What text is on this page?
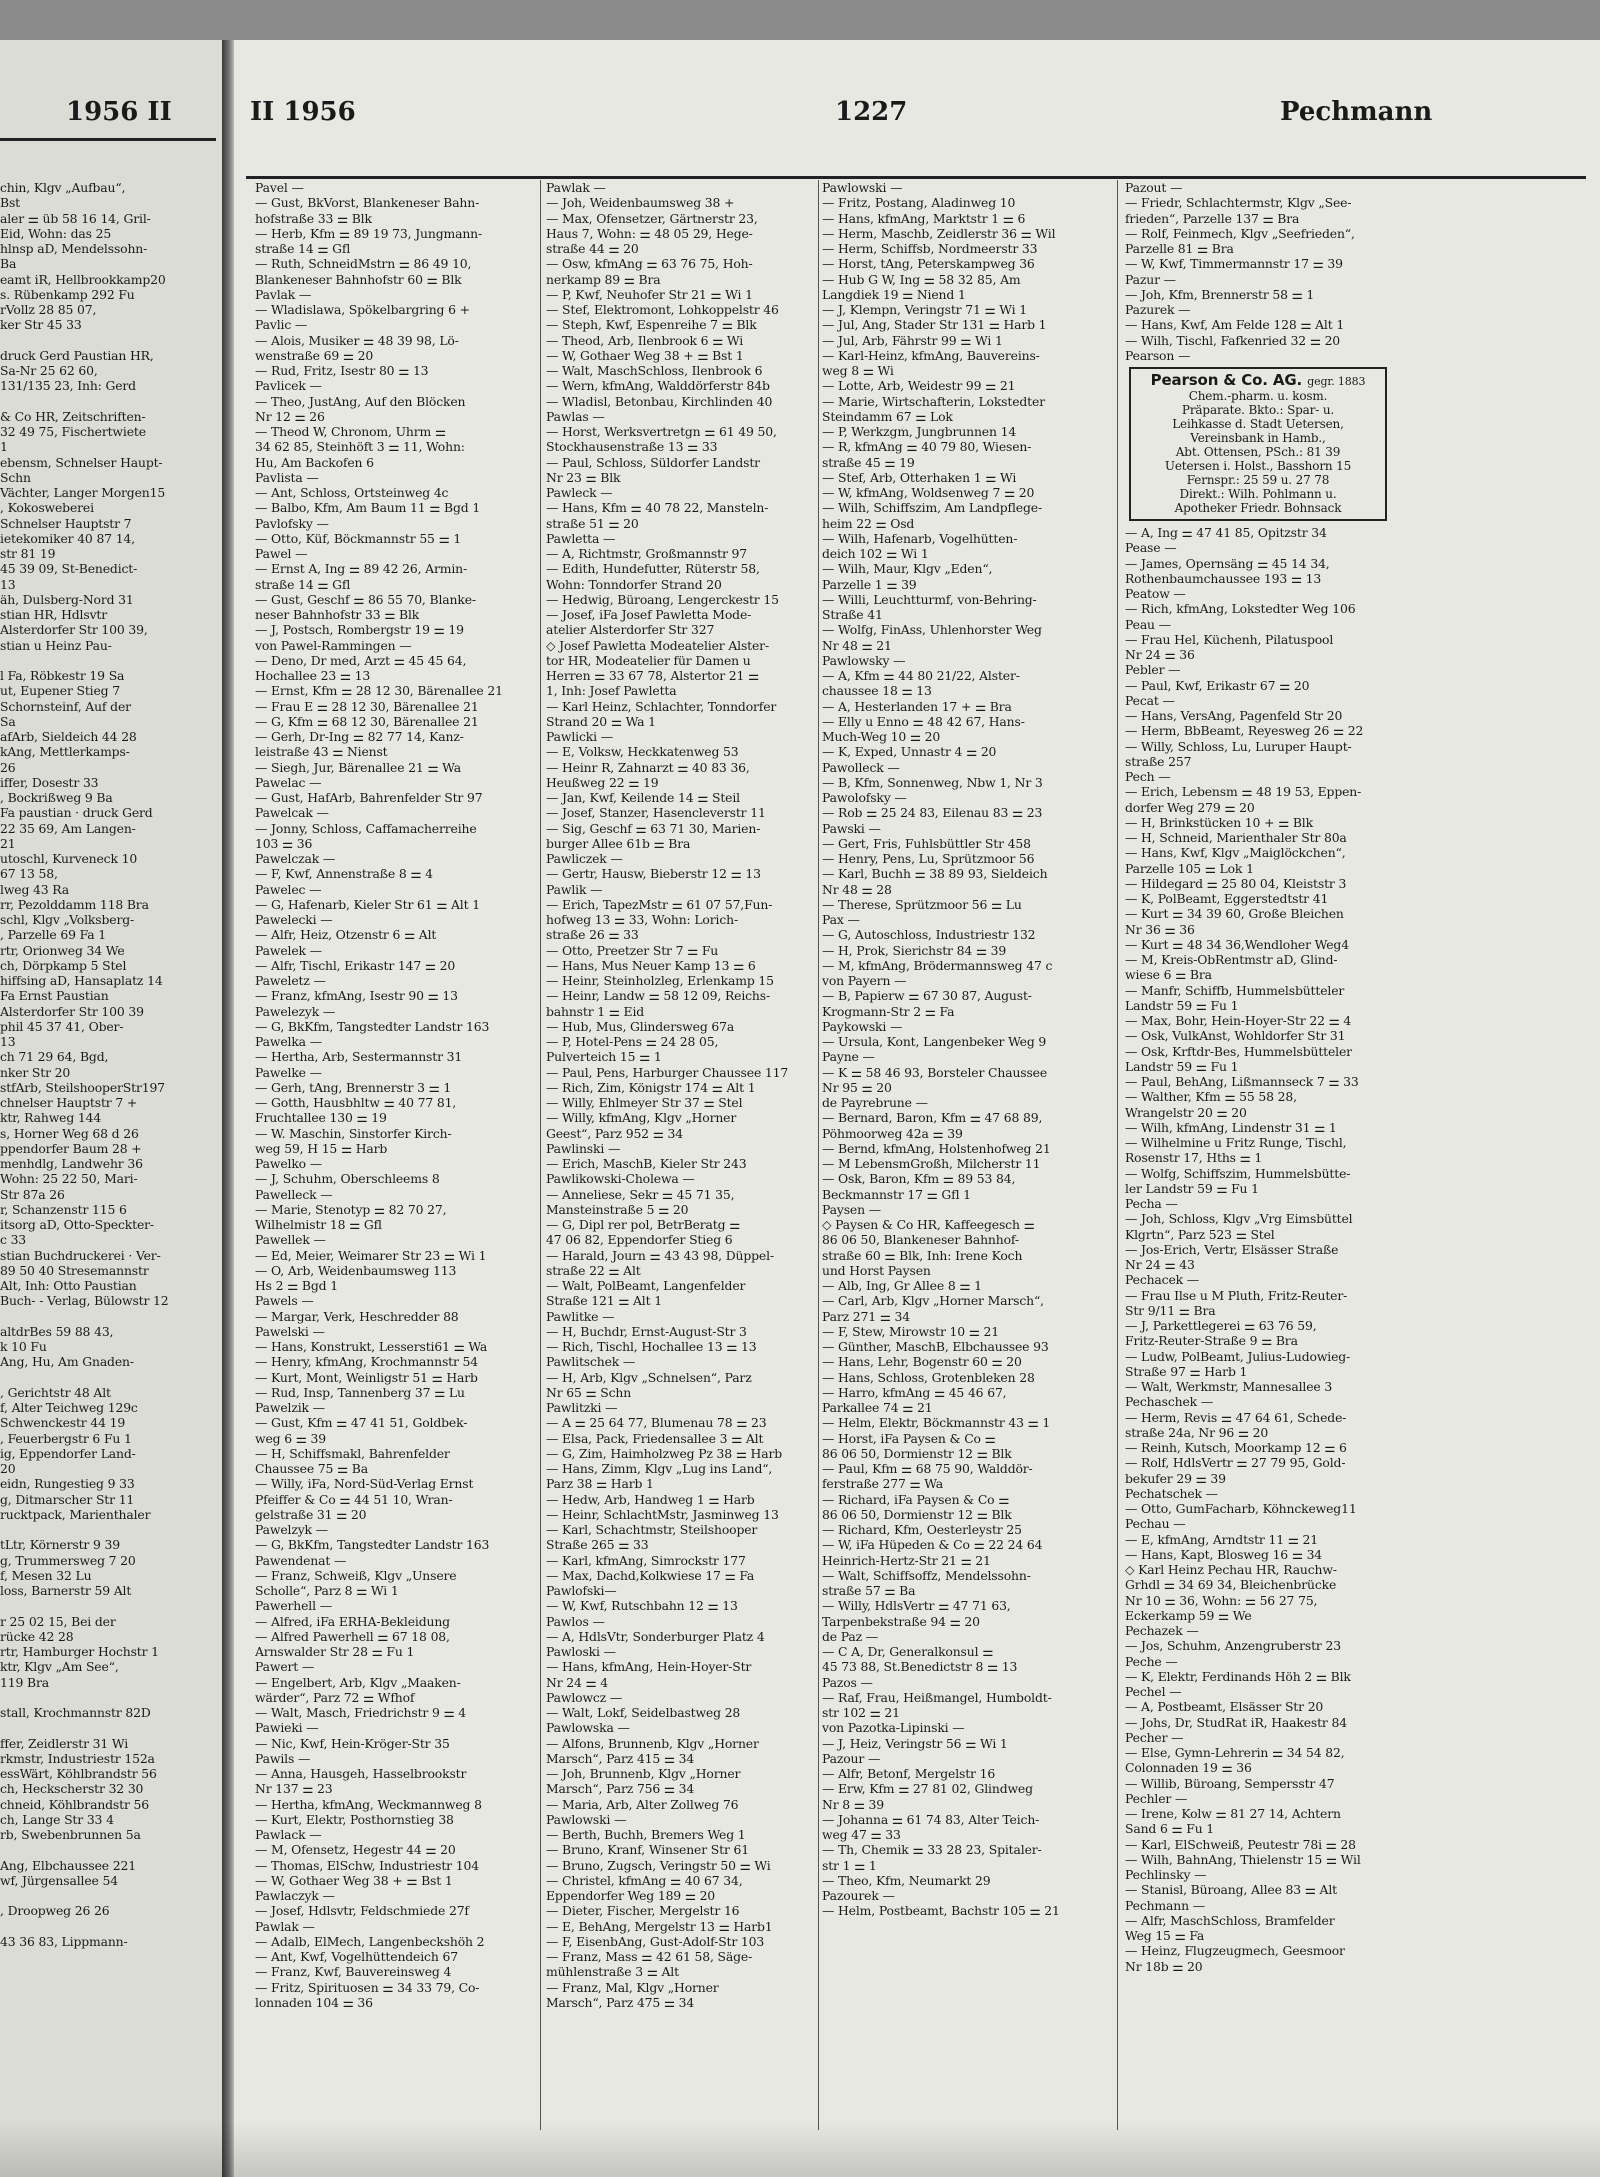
1956 II	II 1956	1227	Pechmann
chin, Klgv „Aufbau“,
Bst
aler ⚌ üb 58 16 14, Gril-
Eid, Wohn: das 25
hlnsp aD, Mendelssohn-
Ba
eamt iR, Hellbrookkamp20
s. Rübenkamp 292 Fu
rVollz 28 85 07,
ker Str 45 33

druck Gerd Paustian HR,
Sa-Nr 25 62 60,
131/135 23, Inh: Gerd

& Co HR, Zeitschriften-
32 49 75, Fischertwiete
1
ebensm, Schnelser Haupt-
Schn
Vächter, Langer Morgen15
, Kokosweberei
Schnelser Hauptstr 7
ietekomiker 40 87 14,
str 81 19
45 39 09, St-Benedict-
13
äh, Dulsberg-Nord 31
stian HR, Hdlsvtr
Alsterdorfer Str 100 39,
stian u Heinz Pau-

l Fa, Röbkestr 19 Sa
ut, Eupener Stieg 7
Schornsteinf, Auf der
Sa
afArb, Sieldeich 44 28
kAng, Mettlerkamps-
26
iffer, Dosestr 33
, Bockrißweg 9 Ba
Fa paustian · druck Gerd
22 35 69, Am Langen-
21
utoschl, Kurveneck 10
67 13 58,
lweg 43 Ra
rr, Pezolddamm 118 Bra
schl, Klgv „Volksberg-
, Parzelle 69 Fa 1
rtr, Orionweg 34 We
ch, Dörpkamp 5 Stel
hiffsing aD, Hansaplatz 14
Fa Ernst Paustian
Alsterdorfer Str 100 39
phil 45 37 41, Ober-
13
ch 71 29 64, Bgd,
nker Str 20
stfArb, SteilshooperStr197
chnelser Hauptstr 7 +
ktr, Rahweg 144
s, Horner Weg 68 d 26
ppendorfer Baum 28 +
menhdlg, Landwehr 36
Wohn: 25 22 50, Mari-
Str 87a 26
r, Schanzenstr 115 6
itsorg aD, Otto-Speckter-
c 33
stian Buchdruckerei · Ver-
89 50 40 Stresemannstr
Alt, Inh: Otto Paustian
Buch- - Verlag, Bülowstr 12

altdrBes 59 88 43,
k 10 Fu
Ang, Hu, Am Gnaden-

, Gerichtstr 48 Alt
f, Alter Teichweg 129c
Schwenckestr 44 19
, Feuerbergstr 6 Fu 1
ig, Eppendorfer Land-
20
eidn, Rungestieg 9 33
g, Ditmarscher Str 11
rucktpack, Marienthaler

tLtr, Körnerstr 9 39
g, Trummersweg 7 20
f, Mesen 32 Lu
loss, Barnerstr 59 Alt

r 25 02 15, Bei der
rücke 42 28
rtr, Hamburger Hochstr 1
ktr, Klgv „Am See“,
119 Bra

stall, Krochmannstr 82D

ffer, Zeidlerstr 31 Wi
rkmstr, Industriestr 152a
essWärt, Köhlbrandstr 56
ch, Heckscherstr 32 30
chneid, Köhlbrandstr 56
ch, Lange Str 33 4
rb, Swebenbrunnen 5a

Ang, Elbchaussee 221
wf, Jürgensallee 54

, Droopweg 26 26

43 36 83, Lippmann-
Pavel —
— Gust, BkVorst, Blankeneser Bahn-
hofstraße 33 ⚌ Blk
— Herb, Kfm ⚌ 89 19 73, Jungmann-
straße 14 ⚌ Gfl
— Ruth, SchneidMstrn ⚌ 86 49 10,
Blankeneser Bahnhofstr 60 ⚌ Blk
Pavlak —
— Wladislawa, Spökelbargring 6 +
Pavlic —
— Alois, Musiker ⚌ 48 39 98, Lö-
wenstraße 69 ⚌ 20
— Rud, Fritz, Isestr 80 ⚌ 13
Pavlicek —
— Theo, JustAng, Auf den Blöcken
Nr 12 ⚌ 26
— Theod W, Chronom, Uhrm ⚌
34 62 85, Steinhöft 3 ⚌ 11, Wohn:
Hu, Am Backofen 6
Pavlista —
— Ant, Schloss, Ortsteinweg 4c
— Balbo, Kfm, Am Baum 11 ⚌ Bgd 1
Pavlofsky —
— Otto, Küf, Böckmannstr 55 ⚌ 1
Pawel —
— Ernst A, Ing ⚌ 89 42 26, Armin-
straße 14 ⚌ Gfl
— Gust, Geschf ⚌ 86 55 70, Blanke-
neser Bahnhofstr 33 ⚌ Blk
— J, Postsch, Rombergstr 19 ⚌ 19
von Pawel-Rammingen —
— Deno, Dr med, Arzt ⚌ 45 45 64,
Hochallee 23 ⚌ 13
— Ernst, Kfm ⚌ 28 12 30, Bärenallee 21
— Frau E ⚌ 28 12 30, Bärenallee 21
— G, Kfm ⚌ 68 12 30, Bärenallee 21
— Gerh, Dr-Ing ⚌ 82 77 14, Kanz-
leistraße 43 ⚌ Nienst
— Siegh, Jur, Bärenallee 21 ⚌ Wa
Pawelac —
— Gust, HafArb, Bahrenfelder Str 97
Pawelcak —
— Jonny, Schloss, Caffamacherreihe
103 ⚌ 36
Pawelczak —
— F, Kwf, Annenstraße 8 ⚌ 4
Pawelec —
— G, Hafenarb, Kieler Str 61 ⚌ Alt 1
Pawelecki —
— Alfr, Heiz, Otzenstr 6 ⚌ Alt
Pawelek —
— Alfr, Tischl, Erikastr 147 ⚌ 20
Paweletz —
— Franz, kfmAng, Isestr 90 ⚌ 13
Pawelezyk —
— G, BkKfm, Tangstedter Landstr 163
Pawelka —
— Hertha, Arb, Sestermannstr 31
Pawelke —
— Gerh, tAng, Brennerstr 3 ⚌ 1
— Gotth, Hausbhltw ⚌ 40 77 81,
Fruchtallee 130 ⚌ 19
— W. Maschin, Sinstorfer Kirch-
weg 59, H 15 ⚌ Harb
Pawelko —
— J, Schuhm, Oberschleems 8
Pawelleck —
— Marie, Stenotyp ⚌ 82 70 27,
Wilhelmistr 18 ⚌ Gfl
Pawellek —
— Ed, Meier, Weimarer Str 23 ⚌ Wi 1
— O, Arb, Weidenbaumsweg 113
Hs 2 ⚌ Bgd 1
Pawels —
— Margar, Verk, Heschredder 88
Pawelski —
— Hans, Konstrukt, Lessersti61 ⚌ Wa
— Henry, kfmAng, Krochmannstr 54
— Kurt, Mont, Weinligstr 51 ⚌ Harb
— Rud, Insp, Tannenberg 37 ⚌ Lu
Pawelzik —
— Gust, Kfm ⚌ 47 41 51, Goldbek-
weg 6 ⚌ 39
— H, Schiffsmakl, Bahrenfelder
Chaussee 75 ⚌ Ba
— Willy, iFa, Nord-Süd-Verlag Ernst
Pfeiffer & Co ⚌ 44 51 10, Wran-
gelstraße 31 ⚌ 20
Pawelzyk —
— G, BkKfm, Tangstedter Landstr 163
Pawendenat —
— Franz, Schweiß, Klgv „Unsere
Scholle“, Parz 8 ⚌ Wi 1
Pawerhell —
— Alfred, iFa ERHA-Bekleidung
— Alfred Pawerhell ⚌ 67 18 08,
Arnswalder Str 28 ⚌ Fu 1
Pawert —
— Engelbert, Arb, Klgv „Maaken-
wärder“, Parz 72 ⚌ Wfhof
— Walt, Masch, Friedrichstr 9 ⚌ 4
Pawieki —
— Nic, Kwf, Hein-Kröger-Str 35
Pawils —
— Anna, Hausgeh, Hasselbrookstr
Nr 137 ⚌ 23
— Hertha, kfmAng, Weckmannweg 8
— Kurt, Elektr, Posthornstieg 38
Pawlack —
— M, Ofensetz, Hegestr 44 ⚌ 20
— Thomas, ElSchw, Industriestr 104
— W, Gothaer Weg 38 + ⚌ Bst 1
Pawlaczyk —
— Josef, Hdlsvtr, Feldschmiede 27f
Pawlak —
— Adalb, ElMech, Langenbeckshöh 2
— Ant, Kwf, Vogelhüttendeich 67
— Franz, Kwf, Bauvereinsweg 4
— Fritz, Spirituosen ⚌ 34 33 79, Co-
lonnaden 104 ⚌ 36
Pawlak —
— Joh, Weidenbaumsweg 38 +
— Max, Ofensetzer, Gärtnerstr 23,
Haus 7, Wohn: ⚌ 48 05 29, Hege-
straße 44 ⚌ 20
— Osw, kfmAng ⚌ 63 76 75, Hoh-
nerkamp 89 ⚌ Bra
— P, Kwf, Neuhofer Str 21 ⚌ Wi 1
— Stef, Elektromont, Lohkoppelstr 46
— Steph, Kwf, Espenreihe 7 ⚌ Blk
— Theod, Arb, Ilenbrook 6 ⚌ Wi
— W, Gothaer Weg 38 + ⚌ Bst 1
— Walt, MaschSchloss, Ilenbrook 6
— Wern, kfmAng, Walddörferstr 84b
— Wladisl, Betonbau, Kirchlinden 40
Pawlas —
— Horst, Werksvertretgn ⚌ 61 49 50,
Stockhausenstraße 13 ⚌ 33
— Paul, Schloss, Süldorfer Landstr
Nr 23 ⚌ Blk
Pawleck —
— Hans, Kfm ⚌ 40 78 22, Mansteln-
straße 51 ⚌ 20
Pawletta —
— A, Richtmstr, Großmannstr 97
— Edith, Hundefutter, Rüterstr 58,
Wohn: Tonndorfer Strand 20
— Hedwig, Büroang, Lengerckestr 15
— Josef, iFa Josef Pawletta Mode-
atelier Alsterdorfer Str 327
◇ Josef Pawletta Modeatelier Alster-
tor HR, Modeatelier für Damen u
Herren ⚌ 33 67 78, Alstertor 21 ⚌
1, Inh: Josef Pawletta
— Karl Heinz, Schlachter, Tonndorfer
Strand 20 ⚌ Wa 1
Pawlicki —
— E, Volksw, Heckkatenweg 53
— Heinr R, Zahnarzt ⚌ 40 83 36,
Heußweg 22 ⚌ 19
— Jan, Kwf, Keilende 14 ⚌ Steil
— Josef, Stanzer, Hasencleverstr 11
— Sig, Geschf ⚌ 63 71 30, Marien-
burger Allee 61b ⚌ Bra
Pawliczek —
— Gertr, Hausw, Bieberstr 12 ⚌ 13
Pawlik —
— Erich, TapezMstr ⚌ 61 07 57,Fun-
hofweg 13 ⚌ 33, Wohn: Lorich-
straße 26 ⚌ 33
— Otto, Preetzer Str 7 ⚌ Fu
— Hans, Mus Neuer Kamp 13 ⚌ 6
— Heinr, Steinholzleg, Erlenkamp 15
— Heinr, Landw ⚌ 58 12 09, Reichs-
bahnstr 1 ⚌ Eid
— Hub, Mus, Glindersweg 67a
— P, Hotel-Pens ⚌ 24 28 05,
Pulverteich 15 ⚌ 1
— Paul, Pens, Harburger Chaussee 117
— Rich, Zim, Königstr 174 ⚌ Alt 1
— Willy, Ehlmeyer Str 37 ⚌ Stel
— Willy, kfmAng, Klgv „Horner
Geest“, Parz 952 ⚌ 34
Pawlinski —
— Erich, MaschB, Kieler Str 243
Pawlikowski-Cholewa —
— Anneliese, Sekr ⚌ 45 71 35,
Mansteinstraße 5 ⚌ 20
— G, Dipl rer pol, BetrBeratg ⚌
47 06 82, Eppendorfer Stieg 6
— Harald, Journ ⚌ 43 43 98, Düppel-
straße 22 ⚌ Alt
— Walt, PolBeamt, Langenfelder
Straße 121 ⚌ Alt 1
Pawlitke —
— H, Buchdr, Ernst-August-Str 3
— Rich, Tischl, Hochallee 13 ⚌ 13
Pawlitschek —
— H, Arb, Klgv „Schnelsen“, Parz
Nr 65 ⚌ Schn
Pawlitzki —
— A ⚌ 25 64 77, Blumenau 78 ⚌ 23
— Elsa, Pack, Friedensallee 3 ⚌ Alt
— G, Zim, Haimholzweg Pz 38 ⚌ Harb
— Hans, Zimm, Klgv „Lug ins Land“,
Parz 38 ⚌ Harb 1
— Hedw, Arb, Handweg 1 ⚌ Harb
— Heinr, SchlachtMstr, Jasminweg 13
— Karl, Schachtmstr, Steilshooper
Straße 265 ⚌ 33
— Karl, kfmAng, Simrockstr 177
— Max, Dachd,Kolkwiese 17 ⚌ Fa
Pawlofski—
— W, Kwf, Rutschbahn 12 ⚌ 13
Pawlos —
— A, HdlsVtr, Sonderburger Platz 4
Pawloski —
— Hans, kfmAng, Hein-Hoyer-Str
Nr 24 ⚌ 4
Pawlowcz —
— Walt, Lokf, Seidelbastweg 28
Pawlowska —
— Alfons, Brunnenb, Klgv „Horner
Marsch“, Parz 415 ⚌ 34
— Joh, Brunnenb, Klgv „Horner
Marsch“, Parz 756 ⚌ 34
— Maria, Arb, Alter Zollweg 76
Pawlowski —
— Berth, Buchh, Bremers Weg 1
— Bruno, Kranf, Winsener Str 61
— Bruno, Zugsch, Veringstr 50 ⚌ Wi
— Christel, kfmAng ⚌ 40 67 34,
Eppendorfer Weg 189 ⚌ 20
— Dieter, Fischer, Mergelstr 16
— E, BehAng, Mergelstr 13 ⚌ Harb1
— F, EisenbAng, Gust-Adolf-Str 103
— Franz, Mass ⚌ 42 61 58, Säge-
mühlenstraße 3 ⚌ Alt
— Franz, Mal, Klgv „Horner
Marsch“, Parz 475 ⚌ 34
Pawlowski —
— Fritz, Postang, Aladinweg 10
— Hans, kfmAng, Marktstr 1 ⚌ 6
— Herm, Maschb, Zeidlerstr 36 ⚌ Wil
— Herm, Schiffsb, Nordmeerstr 33
— Horst, tAng, Peterskampweg 36
— Hub G W, Ing ⚌ 58 32 85, Am
Langdiek 19 ⚌ Niend 1
— J, Klempn, Veringstr 71 ⚌ Wi 1
— Jul, Ang, Stader Str 131 ⚌ Harb 1
— Jul, Arb, Fährstr 99 ⚌ Wi 1
— Karl-Heinz, kfmAng, Bauvereins-
weg 8 ⚌ Wi
— Lotte, Arb, Weidestr 99 ⚌ 21
— Marie, Wirtschafterin, Lokstedter
Steindamm 67 ⚌ Lok
— P, Werkzgm, Jungbrunnen 14
— R, kfmAng ⚌ 40 79 80, Wiesen-
straße 45 ⚌ 19
— Stef, Arb, Otterhaken 1 ⚌ Wi
— W, kfmAng, Woldsenweg 7 ⚌ 20
— Wilh, Schiffszim, Am Landpflege-
heim 22 ⚌ Osd
— Wilh, Hafenarb, Vogelhütten-
deich 102 ⚌ Wi 1
— Wilh, Maur, Klgv „Eden“,
Parzelle 1 ⚌ 39
— Willi, Leuchtturmf, von-Behring-
Straße 41
— Wolfg, FinAss, Uhlenhorster Weg
Nr 48 ⚌ 21
Pawlowsky —
— A, Kfm ⚌ 44 80 21/22, Alster-
chaussee 18 ⚌ 13
— A, Hesterlanden 17 + ⚌ Bra
— Elly u Enno ⚌ 48 42 67, Hans-
Much-Weg 10 ⚌ 20
— K, Exped, Unnastr 4 ⚌ 20
Pawolleck —
— B, Kfm, Sonnenweg, Nbw 1, Nr 3
Pawolofsky —
— Rob ⚌ 25 24 83, Eilenau 83 ⚌ 23
Pawski —
— Gert, Fris, Fuhlsbüttler Str 458
— Henry, Pens, Lu, Sprützmoor 56
— Karl, Buchh ⚌ 38 89 93, Sieldeich
Nr 48 ⚌ 28
— Therese, Sprützmoor 56 ⚌ Lu
Pax —
— G, Autoschloss, Industriestr 132
— H, Prok, Sierichstr 84 ⚌ 39
— M, kfmAng, Brödermannsweg 47 c
von Payern —
— B, Papierw ⚌ 67 30 87, August-
Krogmann-Str 2 ⚌ Fa
Paykowski —
— Ursula, Kont, Langenbeker Weg 9
Payne —
— K ⚌ 58 46 93, Borsteler Chaussee
Nr 95 ⚌ 20
de Payrebrune —
— Bernard, Baron, Kfm ⚌ 47 68 89,
Pöhmoorweg 42a ⚌ 39
— Bernd, kfmAng, Holstenhofweg 21
— M LebensmGroßh, Milcherstr 11
— Osk, Baron, Kfm ⚌ 89 53 84,
Beckmannstr 17 ⚌ Gfl 1
Paysen —
◇ Paysen & Co HR, Kaffeegesch ⚌
86 06 50, Blankeneser Bahnhof-
straße 60 ⚌ Blk, Inh: Irene Koch
und Horst Paysen
— Alb, Ing, Gr Allee 8 ⚌ 1
— Carl, Arb, Klgv „Horner Marsch“,
Parz 271 ⚌ 34
— F, Stew, Mirowstr 10 ⚌ 21
— Günther, MaschB, Elbchaussee 93
— Hans, Lehr, Bogenstr 60 ⚌ 20
— Hans, Schloss, Grotenbleken 28
— Harro, kfmAng ⚌ 45 46 67,
Parkallee 74 ⚌ 21
— Helm, Elektr, Böckmannstr 43 ⚌ 1
— Horst, iFa Paysen & Co ⚌
86 06 50, Dormienstr 12 ⚌ Blk
— Paul, Kfm ⚌ 68 75 90, Walddör-
ferstraße 277 ⚌ Wa
— Richard, iFa Paysen & Co ⚌
86 06 50, Dormienstr 12 ⚌ Blk
— Richard, Kfm, Oesterleystr 25
— W, iFa Hüpeden & Co ⚌ 22 24 64
Heinrich-Hertz-Str 21 ⚌ 21
— Walt, Schiffsoffz, Mendelssohn-
straße 57 ⚌ Ba
— Willy, HdlsVertr ⚌ 47 71 63,
Tarpenbekstraße 94 ⚌ 20
de Paz —
— C A, Dr, Generalkonsul ⚌
45 73 88, St.Benedictstr 8 ⚌ 13
Pazos —
— Raf, Frau, Heißmangel, Humboldt-
str 102 ⚌ 21
von Pazotka-Lipinski —
— J, Heiz, Veringstr 56 ⚌ Wi 1
Pazour —
— Alfr, Betonf, Mergelstr 16
— Erw, Kfm ⚌ 27 81 02, Glindweg
Nr 8 ⚌ 39
— Johanna ⚌ 61 74 83, Alter Teich-
weg 47 ⚌ 33
— Th, Chemik ⚌ 33 28 23, Spitaler-
str 1 ⚌ 1
— Theo, Kfm, Neumarkt 29
Pazourek —
— Helm, Postbeamt, Bachstr 105 ⚌ 21
Pazout —
— Friedr, Schlachtermstr, Klgv „See-
frieden“, Parzelle 137 ⚌ Bra
— Rolf, Feinmech, Klgv „Seefrieden“,
Parzelle 81 ⚌ Bra
— W, Kwf, Timmermannstr 17 ⚌ 39
Pazur —
— Joh, Kfm, Brennerstr 58 ⚌ 1
Pazurek —
— Hans, Kwf, Am Felde 128 ⚌ Alt 1
— Wilh, Tischl, Fafkenried 32 ⚌ 20
Pearson —
Pearson & Co. AG. gegr. 1883
Chem.-pharm. u. kosm.
Präparate. Bkto.: Spar- u.
Leihkasse d. Stadt Uetersen,
Vereinsbank in Hamb.,
Abt. Ottensen, PSch.: 81 39
Uetersen i. Holst., Basshorn 15
Fernspr.: 25 59 u. 27 78
Direkt.: Wilh. Pohlmann u.
Apotheker Friedr. Bohnsack
— A, Ing ⚌ 47 41 85, Opitzstr 34
Pease —
— James, Opernsäng ⚌ 45 14 34,
Rothenbaumchaussee 193 ⚌ 13
Peatow —
— Rich, kfmAng, Lokstedter Weg 106
Peau —
— Frau Hel, Küchenh, Pilatuspool
Nr 24 ⚌ 36
Pebler —
— Paul, Kwf, Erikastr 67 ⚌ 20
Pecat —
— Hans, VersAng, Pagenfeld Str 20
— Herm, BbBeamt, Reyesweg 26 ⚌ 22
— Willy, Schloss, Lu, Luruper Haupt-
straße 257
Pech —
— Erich, Lebensm ⚌ 48 19 53, Eppen-
dorfer Weg 279 ⚌ 20
— H, Brinkstücken 10 + ⚌ Blk
— H, Schneid, Marienthaler Str 80a
— Hans, Kwf, Klgv „Maiglöckchen“,
Parzelle 105 ⚌ Lok 1
— Hildegard ⚌ 25 80 04, Kleiststr 3
— K, PolBeamt, Eggerstedtstr 41
— Kurt ⚌ 34 39 60, Große Bleichen
Nr 36 ⚌ 36
— Kurt ⚌ 48 34 36,Wendloher Weg4
— M, Kreis-ObRentmstr aD, Glind-
wiese 6 ⚌ Bra
— Manfr, Schiffb, Hummelsbütteler
Landstr 59 ⚌ Fu 1
— Max, Bohr, Hein-Hoyer-Str 22 ⚌ 4
— Osk, VulkAnst, Wohldorfer Str 31
— Osk, Krftdr-Bes, Hummelsbütteler
Landstr 59 ⚌ Fu 1
— Paul, BehAng, Lißmannseck 7 ⚌ 33
— Walther, Kfm ⚌ 55 58 28,
Wrangelstr 20 ⚌ 20
— Wilh, kfmAng, Lindenstr 31 ⚌ 1
— Wilhelmine u Fritz Runge, Tischl,
Rosenstr 17, Hths ⚌ 1
— Wolfg, Schiffszim, Hummelsbütte-
ler Landstr 59 ⚌ Fu 1
Pecha —
— Joh, Schloss, Klgv „Vrg Eimsbüttel
Klgrtn“, Parz 523 ⚌ Stel
— Jos-Erich, Vertr, Elsässer Straße
Nr 24 ⚌ 43
Pechacek —
— Frau Ilse u M Pluth, Fritz-Reuter-
Str 9/11 ⚌ Bra
— J, Parkettlegerei ⚌ 63 76 59,
Fritz-Reuter-Straße 9 ⚌ Bra
— Ludw, PolBeamt, Julius-Ludowieg-
Straße 97 ⚌ Harb 1
— Walt, Werkmstr, Mannesallee 3
Pechaschek —
— Herm, Revis ⚌ 47 64 61, Schede-
straße 24a, Nr 96 ⚌ 20
— Reinh, Kutsch, Moorkamp 12 ⚌ 6
— Rolf, HdlsVertr ⚌ 27 79 95, Gold-
bekufer 29 ⚌ 39
Pechatschek —
— Otto, GumFacharb, Köhnckeweg11
Pechau —
— E, kfmAng, Arndtstr 11 ⚌ 21
— Hans, Kapt, Blosweg 16 ⚌ 34
◇ Karl Heinz Pechau HR, Rauchw-
Grhdl ⚌ 34 69 34, Bleichenbrücke
Nr 10 ⚌ 36, Wohn: ⚌ 56 27 75,
Eckerkamp 59 ⚌ We
Pechazek —
— Jos, Schuhm, Anzengruberstr 23
Peche —
— K, Elektr, Ferdinands Höh 2 ⚌ Blk
Pechel —
— A, Postbeamt, Elsässer Str 20
— Johs, Dr, StudRat iR, Haakestr 84
Pecher —
— Else, Gymn-Lehrerin ⚌ 34 54 82,
Colonnaden 19 ⚌ 36
— Willib, Büroang, Sempersstr 47
Pechler —
— Irene, Kolw ⚌ 81 27 14, Achtern
Sand 6 ⚌ Fu 1
— Karl, ElSchweiß, Peutestr 78i ⚌ 28
— Wilh, BahnAng, Thielenstr 15 ⚌ Wil
Pechlinsky —
— Stanisl, Büroang, Allee 83 ⚌ Alt
Pechmann —
— Alfr, MaschSchloss, Bramfelder
Weg 15 ⚌ Fa
— Heinz, Flugzeugmech, Geesmoor
Nr 18b ⚌ 20
